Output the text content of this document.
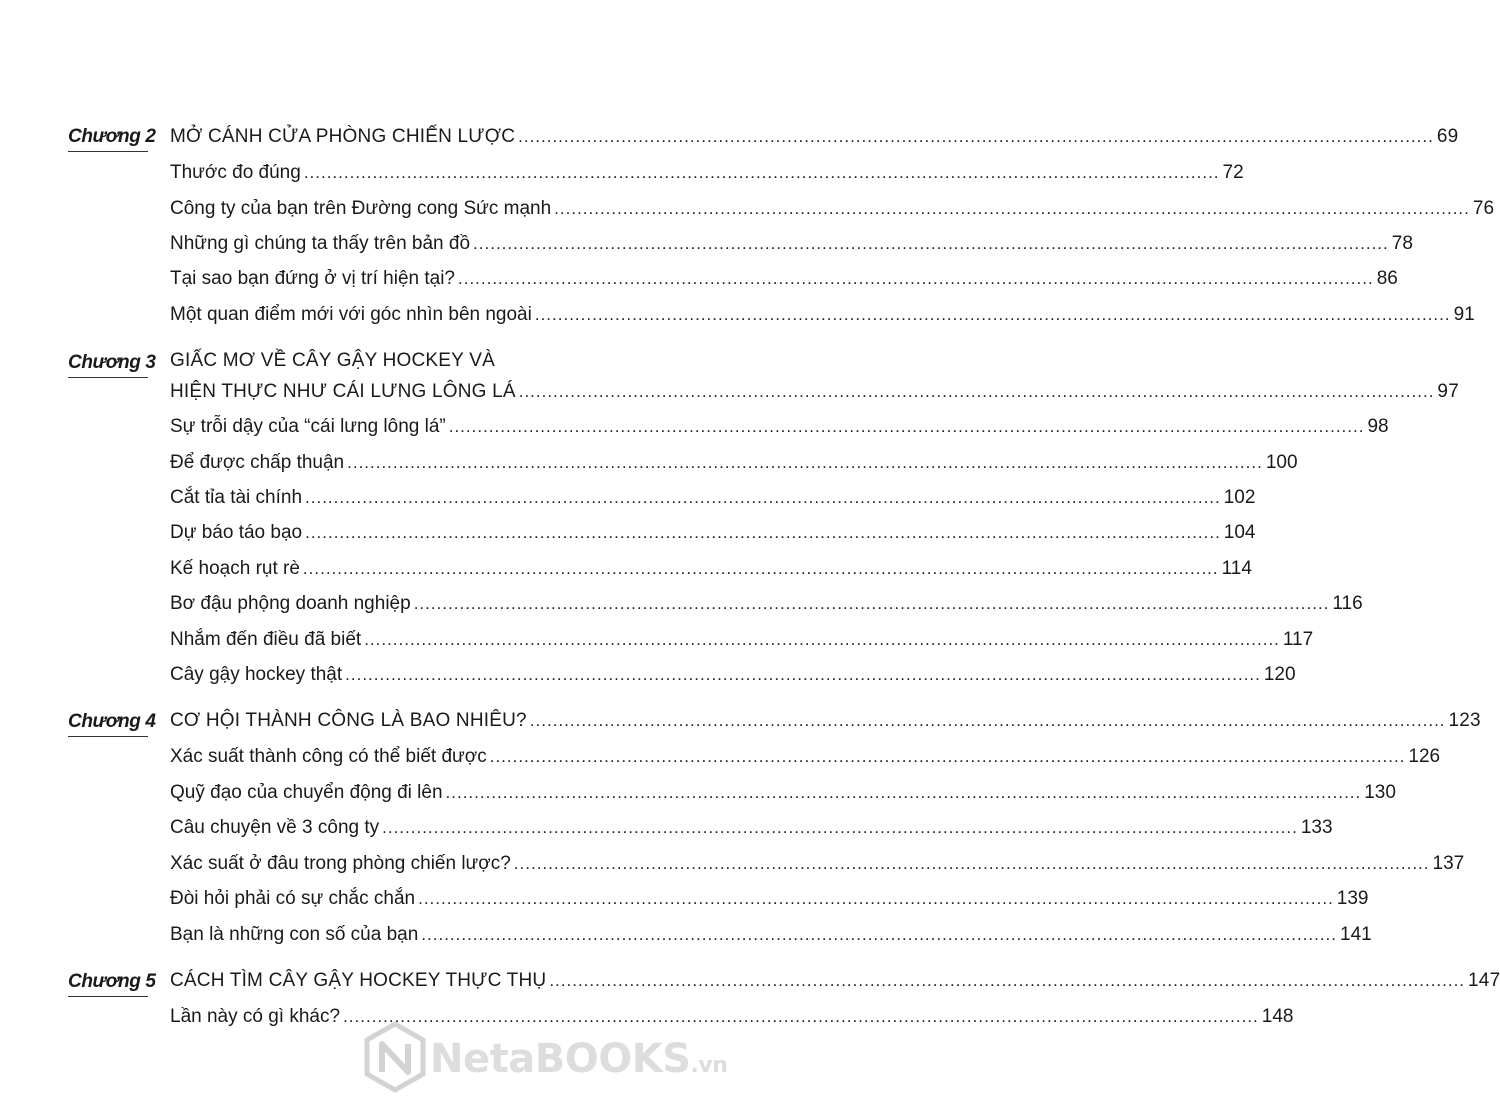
Chương 2 MỞ CÁNH CỬA PHÒNG CHIẾN LƯỢC .....	69
Thước đo đúng .....	72
Công ty của bạn trên Đường cong Sức mạnh .....	76
Những gì chúng ta thấy trên bản đồ .....	78
Tại sao bạn đứng ở vị trí hiện tại? .....	86
Một quan điểm mới với góc nhìn bên ngoài .....	91
Chương 3 GIẤC MƠ VỀ CÂY GẬY HOCKEY VÀ
HIỆN THỰC NHƯ CÁI LƯNG LÔNG LÁ .....	97
Sự trỗi dậy của “cái lưng lông lá” .....	98
Để được chấp thuận .....	100
Cắt tỉa tài chính .....	102
Dự báo táo bạo .....	104
Kế hoạch rụt rè .....	114
Bơ đậu phộng doanh nghiệp .....	116
Nhắm đến điều đã biết .....	117
Cây gậy hockey thật .....	120
Chương 4 CƠ HỘI THÀNH CÔNG LÀ BAO NHIÊU? .....	123
Xác suất thành công có thể biết được .....	126
Quỹ đạo của chuyển động đi lên .....	130
Câu chuyện về 3 công ty .....	133
Xác suất ở đâu trong phòng chiến lược? .....	137
Đòi hỏi phải có sự chắc chắn .....	139
Bạn là những con số của bạn .....	141
Chương 5 CÁCH TÌM CÂY GẬY HOCKEY THỰC THỤ .....	147
Lần này có gì khác? .....	148
NetaBOOKS.vn
